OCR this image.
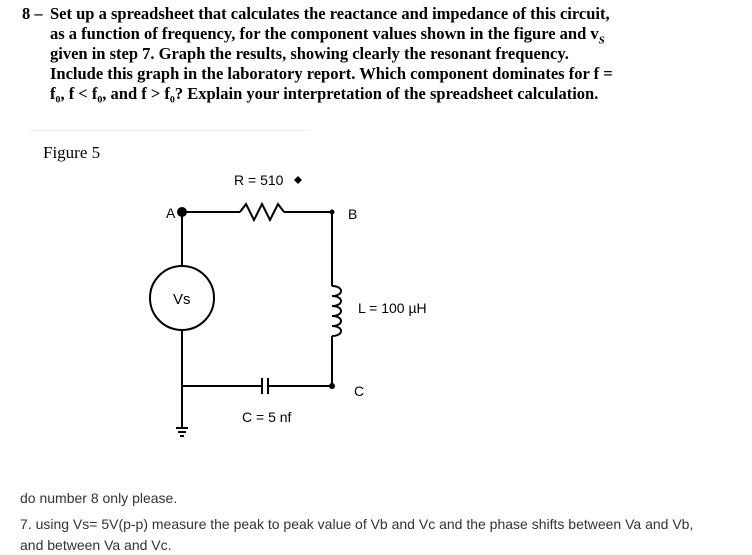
8 – Set up a spreadsheet that calculates the reactance and impedance of this circuit,
as a function of frequency, for the component values shown in the figure and $v_S$
given in step 7. Graph the results, showing clearly the resonant frequency.
Include this graph in the laboratory report. Which component dominates for f =
f₀, f < f₀, and f > f₀? Explain your interpretation of the spreadsheet calculation.
Figure 5
A	B
C
R = 510
Vs	L = 100 µH
C = 5 nf
do number 8 only please.
7. using Vs= 5V(p-p) measure the peak to peak value of Vb and Vc and the phase shifts between Va and Vb,
and between Va and Vc.
